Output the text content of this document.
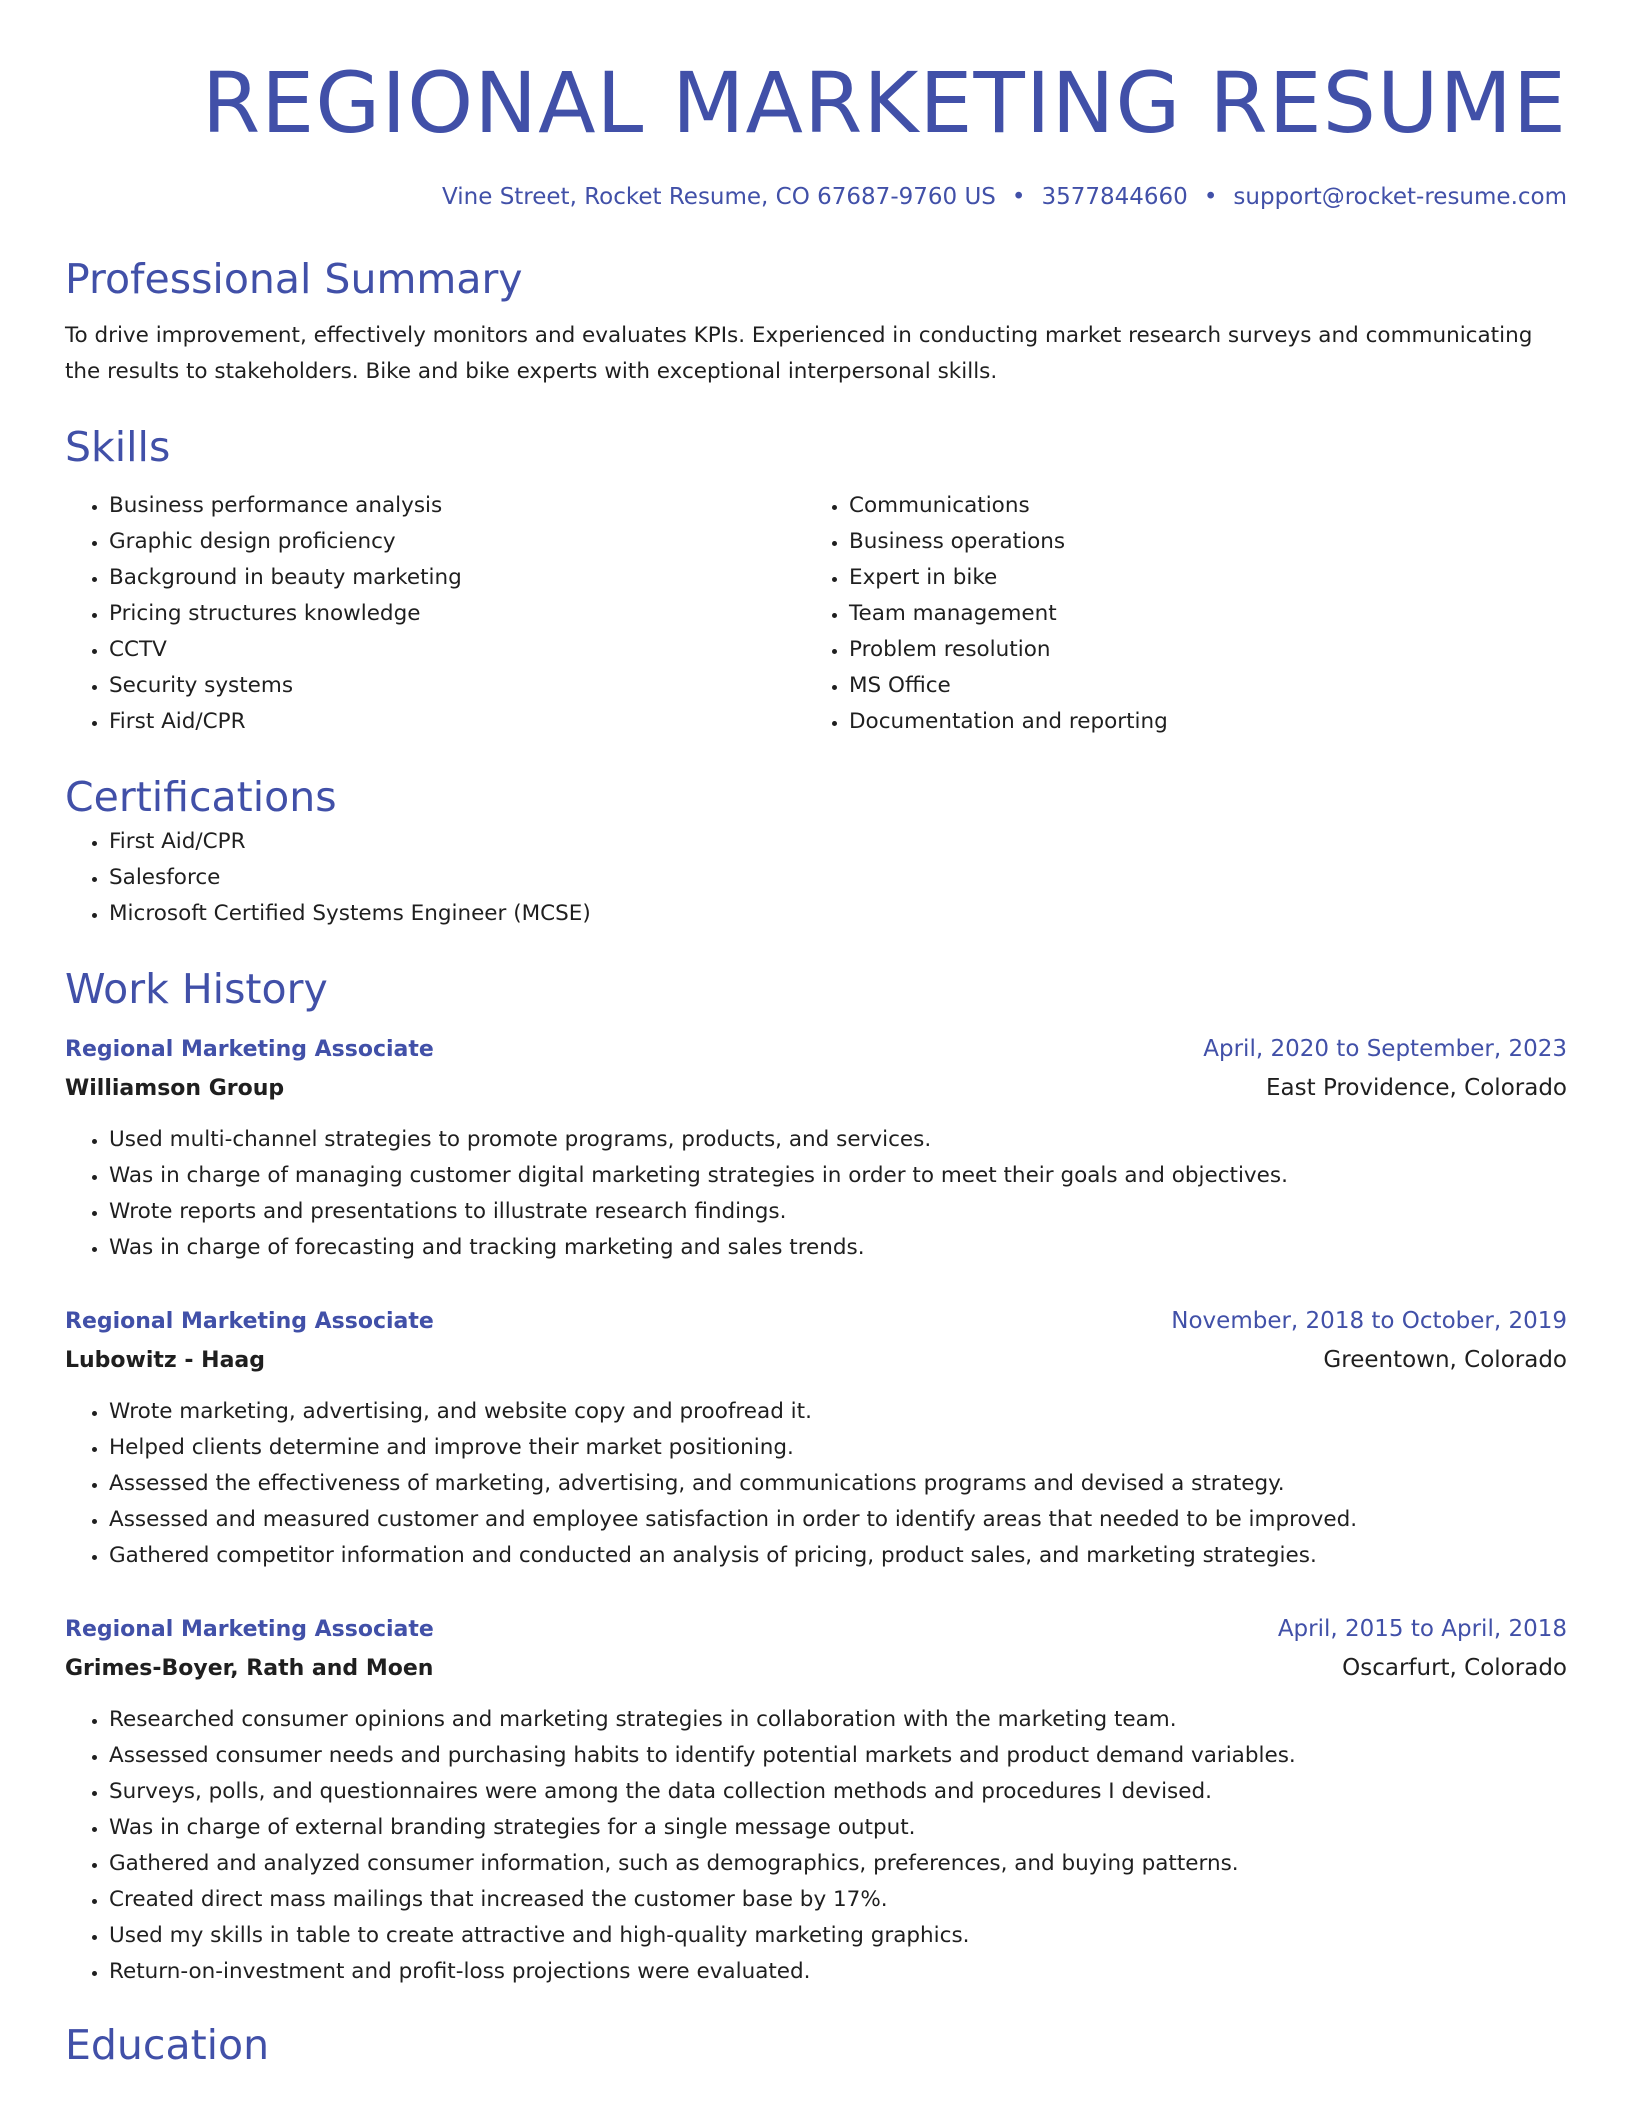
REGIONAL MARKETING RESUME
Vine Street, Rocket Resume, CO 67687-9760 US • 3577844660 • support@rocket-resume.com
Professional Summary
To drive improvement, effectively monitors and evaluates KPIs. Experienced in conducting market research surveys and communicating the results to stakeholders. Bike and bike experts with exceptional interpersonal skills.
Skills
• Business performance analysis
• Graphic design proficiency
• Background in beauty marketing
• Pricing structures knowledge
• CCTV
• Security systems
• First Aid/CPR
• Communications
• Business operations
• Expert in bike
• Team management
• Problem resolution
• MS Office
• Documentation and reporting
Certifications
• First Aid/CPR
• Salesforce
• Microsoft Certified Systems Engineer (MCSE)
Work History
Regional Marketing Associate	April, 2020 to September, 2023
Williamson Group	East Providence, Colorado
• Used multi-channel strategies to promote programs, products, and services.
• Was in charge of managing customer digital marketing strategies in order to meet their goals and objectives.
• Wrote reports and presentations to illustrate research findings.
• Was in charge of forecasting and tracking marketing and sales trends.
Regional Marketing Associate	November, 2018 to October, 2019
Lubowitz - Haag	Greentown, Colorado
• Wrote marketing, advertising, and website copy and proofread it.
• Helped clients determine and improve their market positioning.
• Assessed the effectiveness of marketing, advertising, and communications programs and devised a strategy.
• Assessed and measured customer and employee satisfaction in order to identify areas that needed to be improved.
• Gathered competitor information and conducted an analysis of pricing, product sales, and marketing strategies.
Regional Marketing Associate	April, 2015 to April, 2018
Grimes-Boyer, Rath and Moen	Oscarfurt, Colorado
• Researched consumer opinions and marketing strategies in collaboration with the marketing team.
• Assessed consumer needs and purchasing habits to identify potential markets and product demand variables.
• Surveys, polls, and questionnaires were among the data collection methods and procedures I devised.
• Was in charge of external branding strategies for a single message output.
• Gathered and analyzed consumer information, such as demographics, preferences, and buying patterns.
• Created direct mass mailings that increased the customer base by 17%.
• Used my skills in table to create attractive and high-quality marketing graphics.
• Return-on-investment and profit-loss projections were evaluated.
Education
